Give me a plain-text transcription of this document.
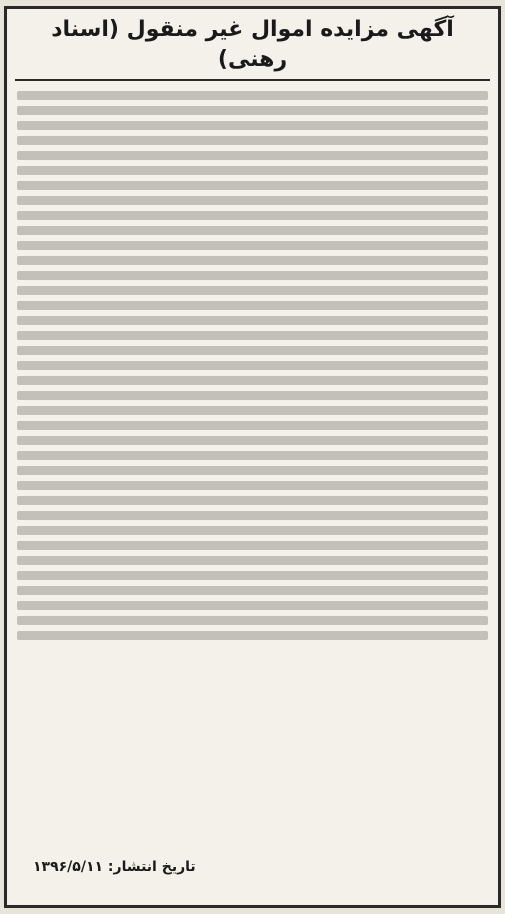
آگهی مزایده اموال غیر منقول (اسناد رهنی)
تاریخ انتشار: ۱۳۹۶/۵/۱۱
